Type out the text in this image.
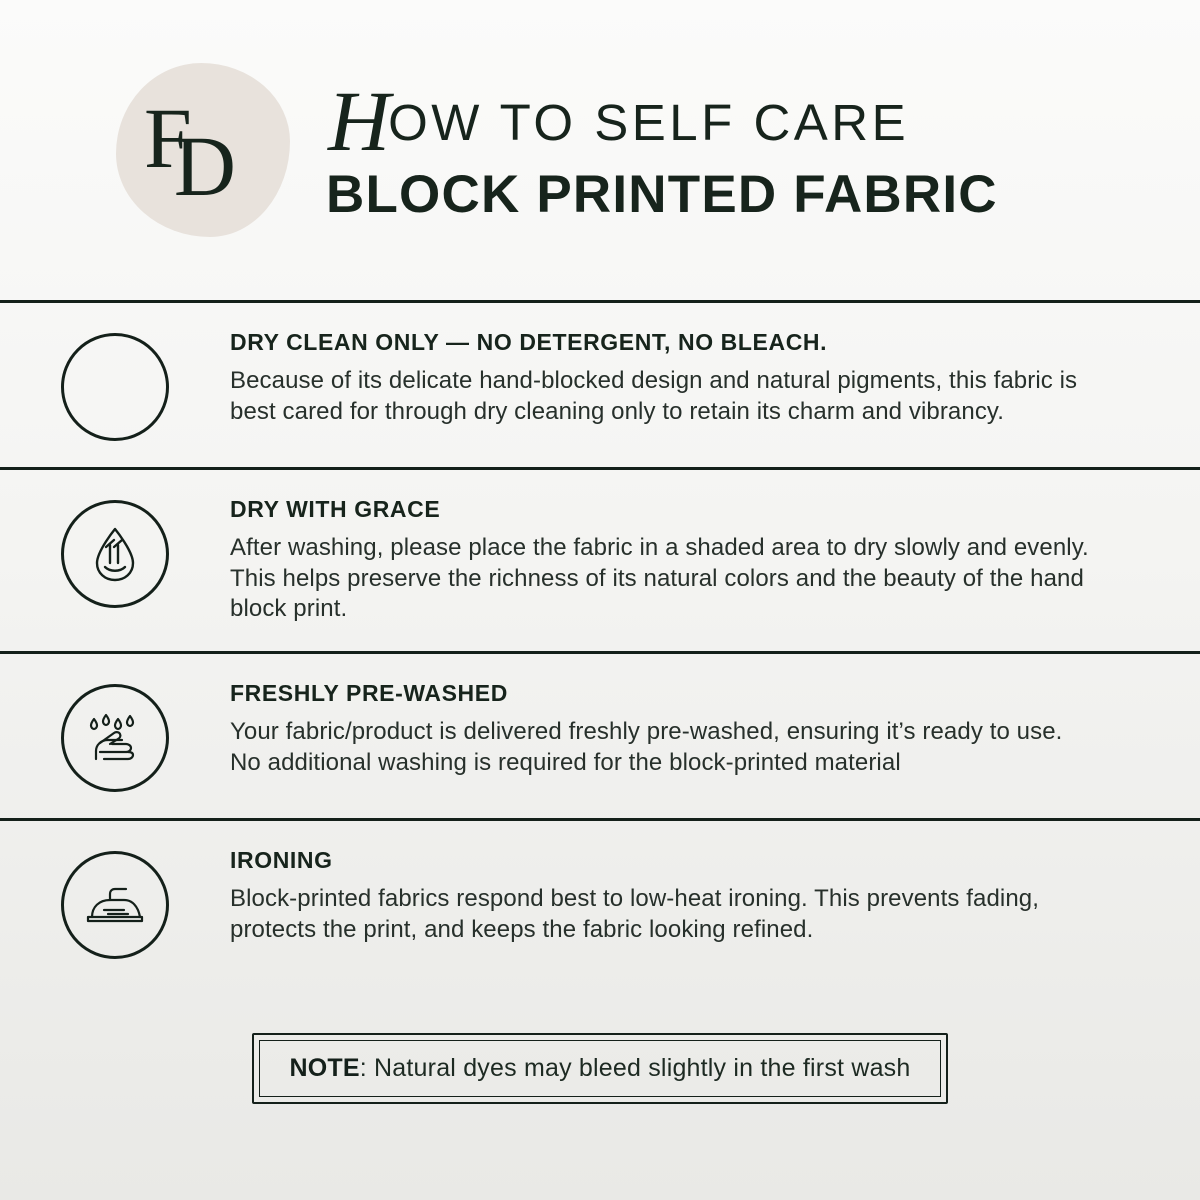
FD HOW TO SELF CARE
BLOCK PRINTED FABRIC
DRY CLEAN ONLY — NO DETERGENT, NO BLEACH.
Because of its delicate hand-blocked design and natural pigments, this fabric is best cared for through dry cleaning only to retain its charm and vibrancy.
DRY WITH GRACE
After washing, please place the fabric in a shaded area to dry slowly and evenly. This helps preserve the richness of its natural colors and the beauty of the hand block print.
FRESHLY PRE-WASHED
Your fabric/product is delivered freshly pre-washed, ensuring it’s ready to use. No additional washing is required for the block-printed material
IRONING
Block-printed fabrics respond best to low-heat ironing. This prevents fading, protects the print, and keeps the fabric looking refined.
NOTE: Natural dyes may bleed slightly in the first wash
